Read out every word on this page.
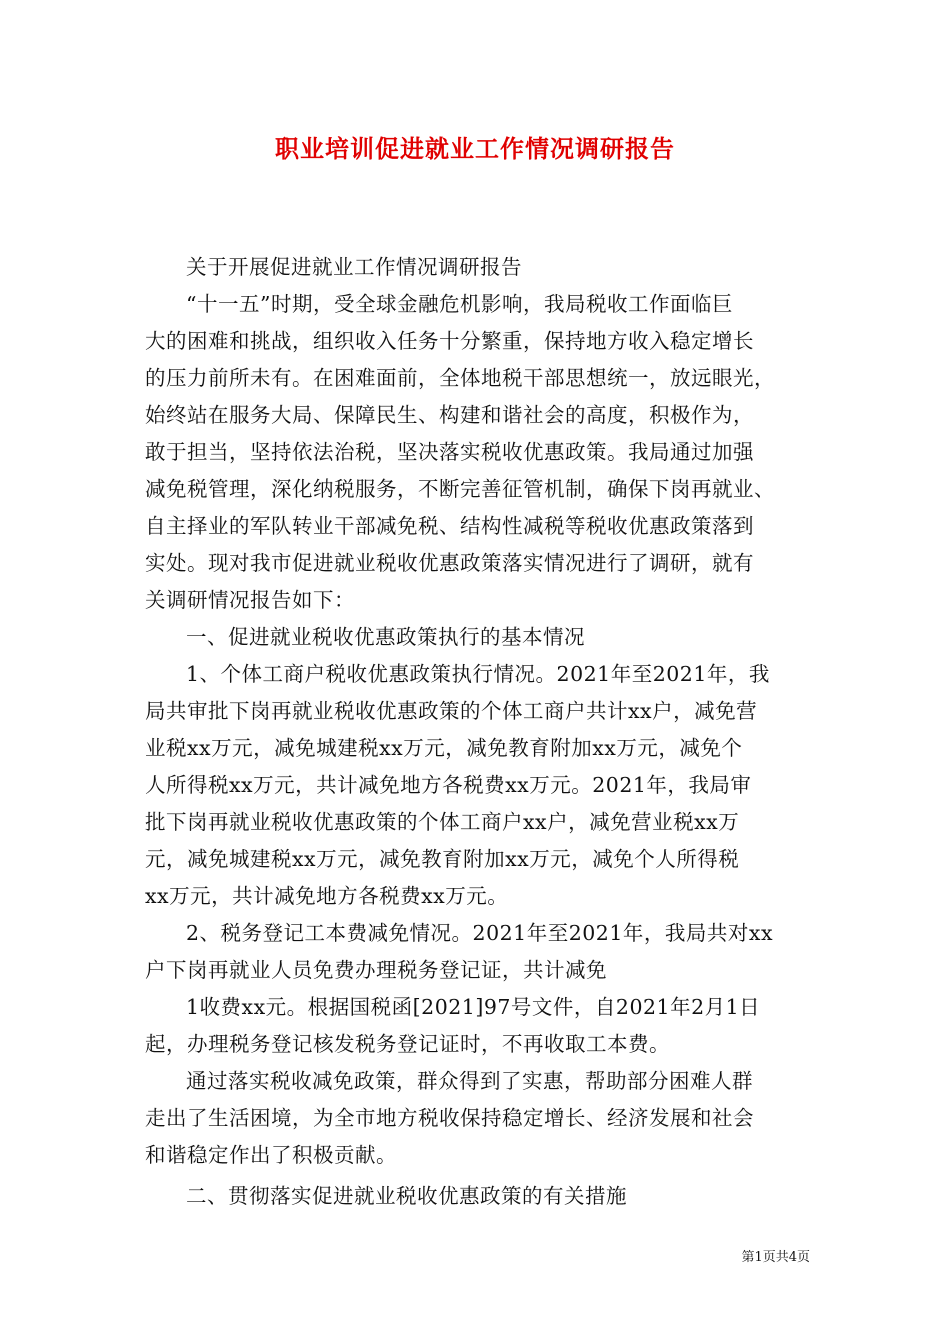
职业培训促进就业工作情况调研报告
关于开展促进就业工作情况调研报告
“十一五”时期，受全球金融危机影响，我局税收工作面临巨
大的困难和挑战，组织收入任务十分繁重，保持地方收入稳定增长
的压力前所未有。在困难面前，全体地税干部思想统一，放远眼光，
始终站在服务大局、保障民生、构建和谐社会的高度，积极作为，
敢于担当，坚持依法治税，坚决落实税收优惠政策。我局通过加强
减免税管理，深化纳税服务，不断完善征管机制，确保下岗再就业、
自主择业的军队转业干部减免税、结构性减税等税收优惠政策落到
实处。现对我市促进就业税收优惠政策落实情况进行了调研，就有
关调研情况报告如下：
一、促进就业税收优惠政策执行的基本情况
1、个体工商户税收优惠政策执行情况。2021年至2021年，我
局共审批下岗再就业税收优惠政策的个体工商户共计xx户，减免营
业税xx万元，减免城建税xx万元，减免教育附加xx万元，减免个
人所得税xx万元，共计减免地方各税费xx万元。2021年，我局审
批下岗再就业税收优惠政策的个体工商户xx户，减免营业税xx万
元，减免城建税xx万元，减免教育附加xx万元，减免个人所得税
xx万元，共计减免地方各税费xx万元。
2、税务登记工本费减免情况。2021年至2021年，我局共对xx
户下岗再就业人员免费办理税务登记证，共计减免
1收费xx元。根据国税函[2021]97号文件，自2021年2月1日
起，办理税务登记核发税务登记证时，不再收取工本费。
通过落实税收减免政策，群众得到了实惠，帮助部分困难人群
走出了生活困境，为全市地方税收保持稳定增长、经济发展和社会
和谐稳定作出了积极贡献。
二、贯彻落实促进就业税收优惠政策的有关措施
第1页共4页
